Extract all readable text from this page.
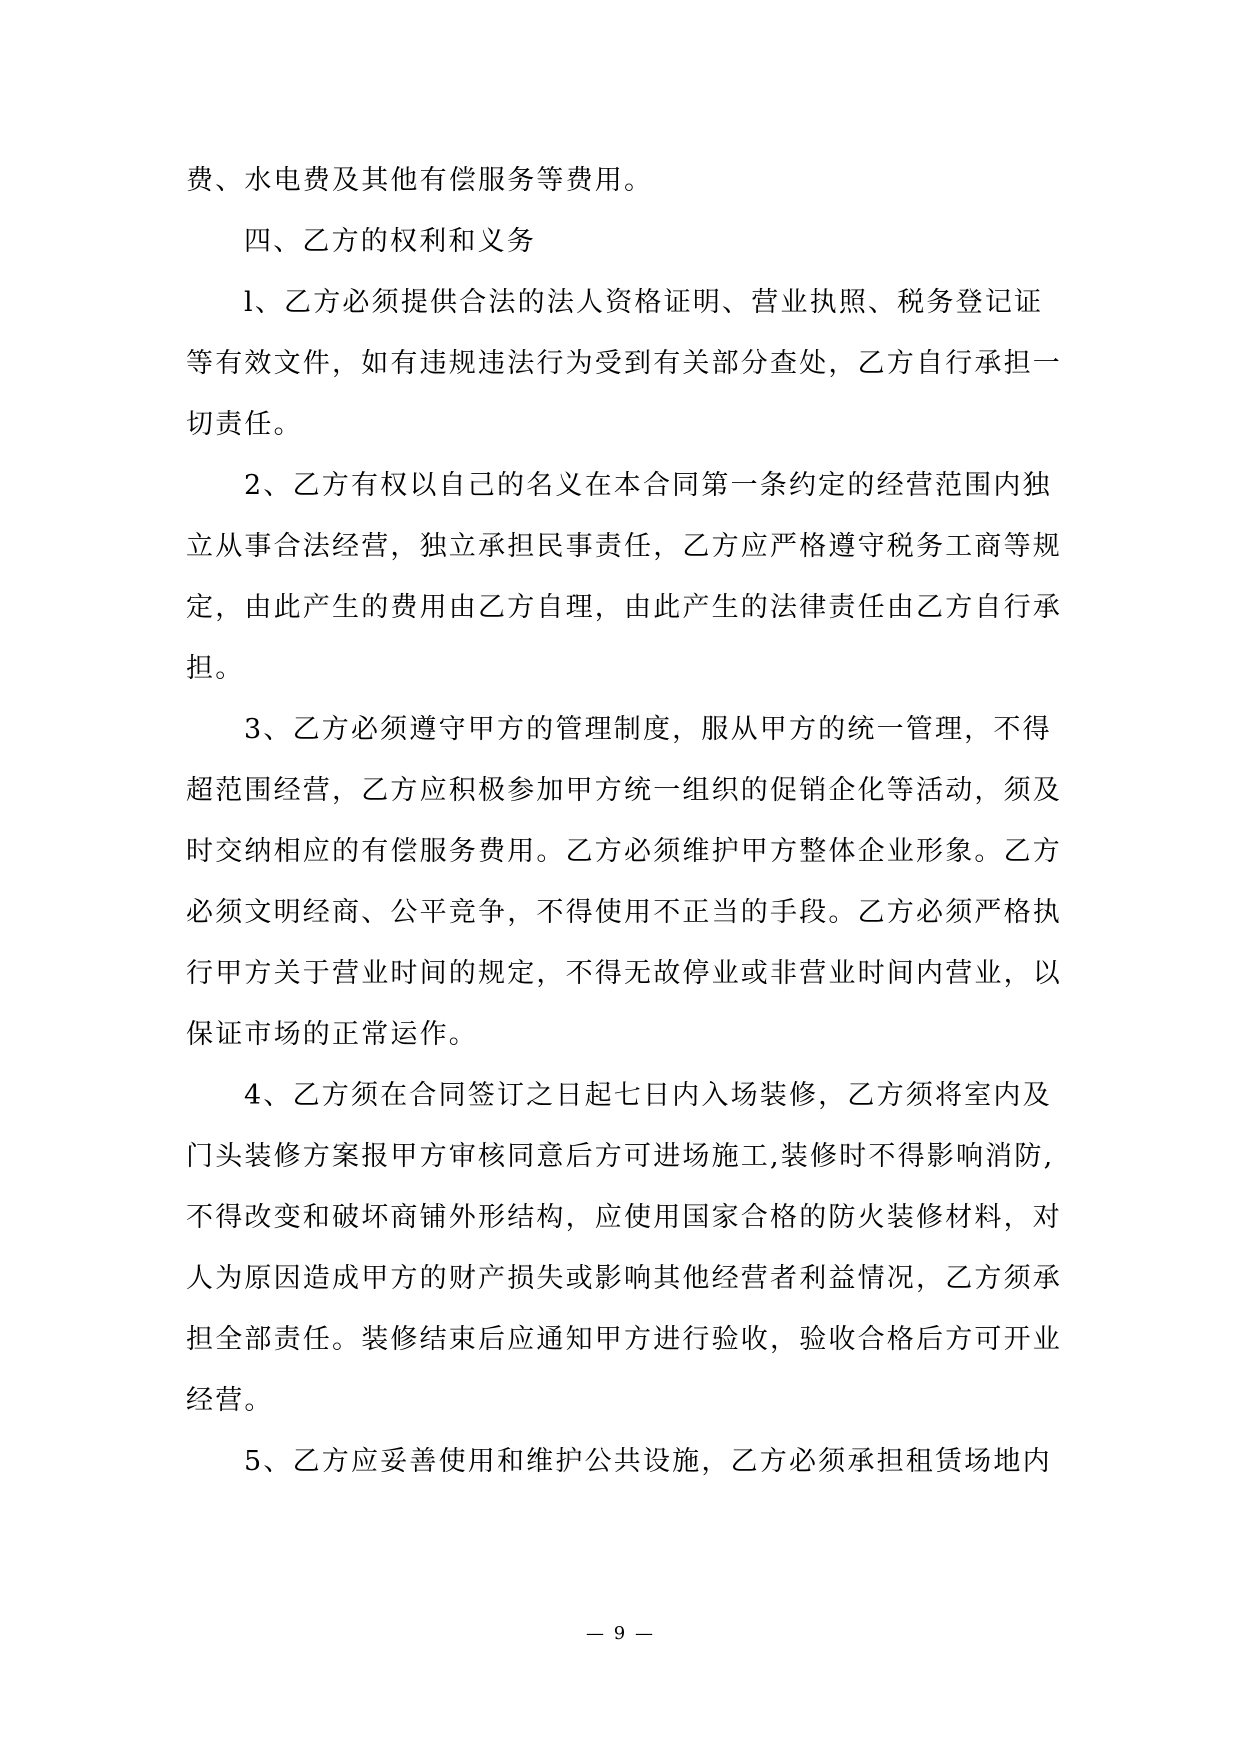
费、水电费及其他有偿服务等费用。
四、乙方的权利和义务
l、乙方必须提供合法的法人资格证明、营业执照、税务登记证
等有效文件，如有违规违法行为受到有关部分查处，乙方自行承担一
切责任。
2、乙方有权以自己的名义在本合同第一条约定的经营范围内独
立从事合法经营，独立承担民事责任，乙方应严格遵守税务工商等规
定，由此产生的费用由乙方自理，由此产生的法律责任由乙方自行承
担。
3、乙方必须遵守甲方的管理制度，服从甲方的统一管理，不得
超范围经营，乙方应积极参加甲方统一组织的促销企化等活动，须及
时交纳相应的有偿服务费用。乙方必须维护甲方整体企业形象。乙方
必须文明经商、公平竞争，不得使用不正当的手段。乙方必须严格执
行甲方关于营业时间的规定，不得无故停业或非营业时间内营业，以
保证市场的正常运作。
4、乙方须在合同签订之日起七日内入场装修，乙方须将室内及
门头装修方案报甲方审核同意后方可进场施工,装修时不得影响消防,
不得改变和破坏商铺外形结构，应使用国家合格的防火装修材料，对
人为原因造成甲方的财产损失或影响其他经营者利益情况，乙方须承
担全部责任。装修结束后应通知甲方进行验收，验收合格后方可开业
经营。
5、乙方应妥善使用和维护公共设施，乙方必须承担租赁场地内
— 9 —
